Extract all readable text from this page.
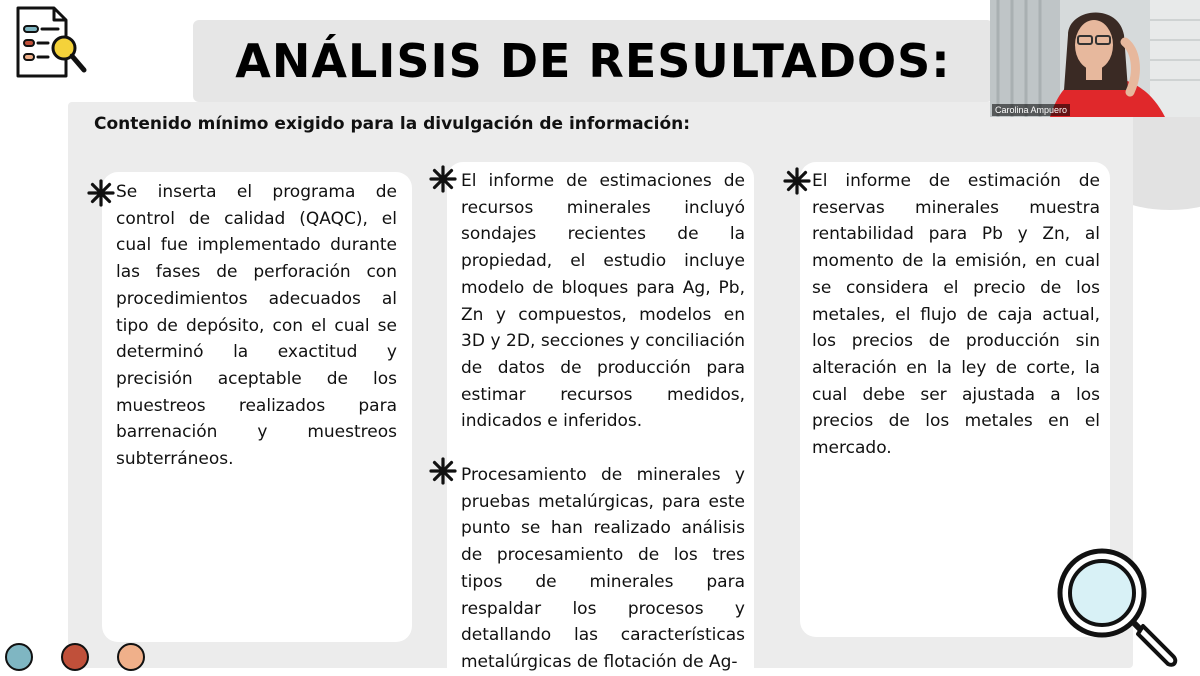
ANÁLISIS DE RESULTADOS:

Contenido mínimo exigido para la divulgación de información:

Se inserta el programa de control de calidad (QAQC), el cual fue implementado durante las fases de perforación con procedimientos adecuados al tipo de depósito, con el cual se determinó la exactitud y precisión aceptable de los muestreos realizados para barrenación y muestreos subterráneos.

El informe de estimaciones de recursos minerales incluyó sondajes recientes de la propiedad, el estudio incluye modelo de bloques para Ag, Pb, Zn y compuestos, modelos en 3D y 2D, secciones y conciliación de datos de producción para estimar recursos medidos, indicados e inferidos.

Procesamiento de minerales y pruebas metalúrgicas, para este punto se han realizado análisis de procesamiento de los tres tipos de minerales para respaldar los procesos y detallando las características metalúrgicas de flotación de Ag-

El informe de estimación de reservas minerales muestra rentabilidad para Pb y Zn, al momento de la emisión, en cual se considera el precio de los metales, el flujo de caja actual, los precios de producción sin alteración en la ley de corte, la cual debe ser ajustada a los precios de los metales en el mercado.

Carolina Ampuero
